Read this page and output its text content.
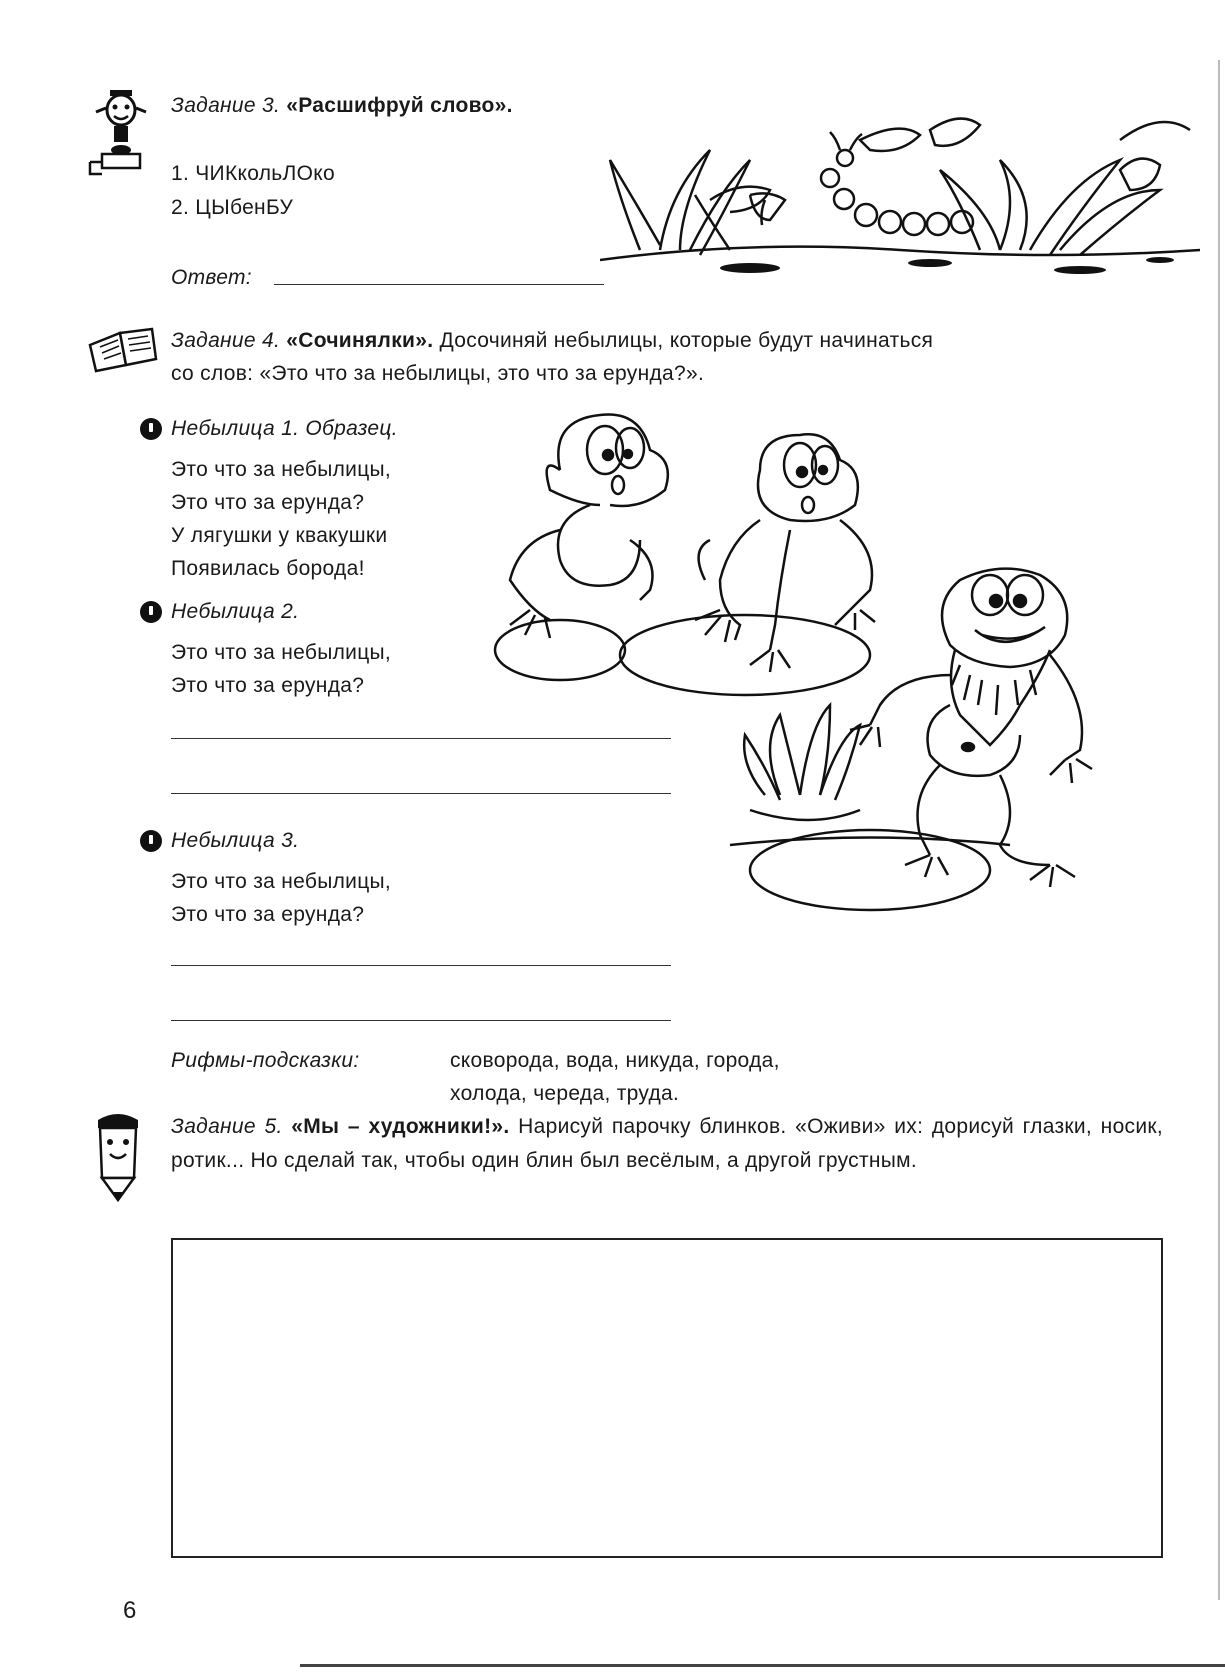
Задание 3. «Расшифруй слово».
1. ЧИКкольЛОко
2. ЦЫбенБУ
Ответ:
Задание 4. «Сочинялки». Досочиняй небылицы, которые будут начинаться
со слов: «Это что за небылицы, это что за ерунда?».
Небылица 1. Образец.
Это что за небылицы,
Это что за ерунда?
У лягушки у квакушки
Появилась борода!
Небылица 2.
Это что за небылицы,
Это что за ерунда?
Небылица 3.
Это что за небылицы,
Это что за ерунда?
Рифмы-подсказки:	сковорода, вода, никуда, города,
холода, череда, труда.
Задание 5. «Мы – художники!». Нарисуй парочку блинков. «Оживи» их: дорисуй глазки, носик, ротик... Но сделай так, чтобы один блин был весёлым, а другой грустным.
6
